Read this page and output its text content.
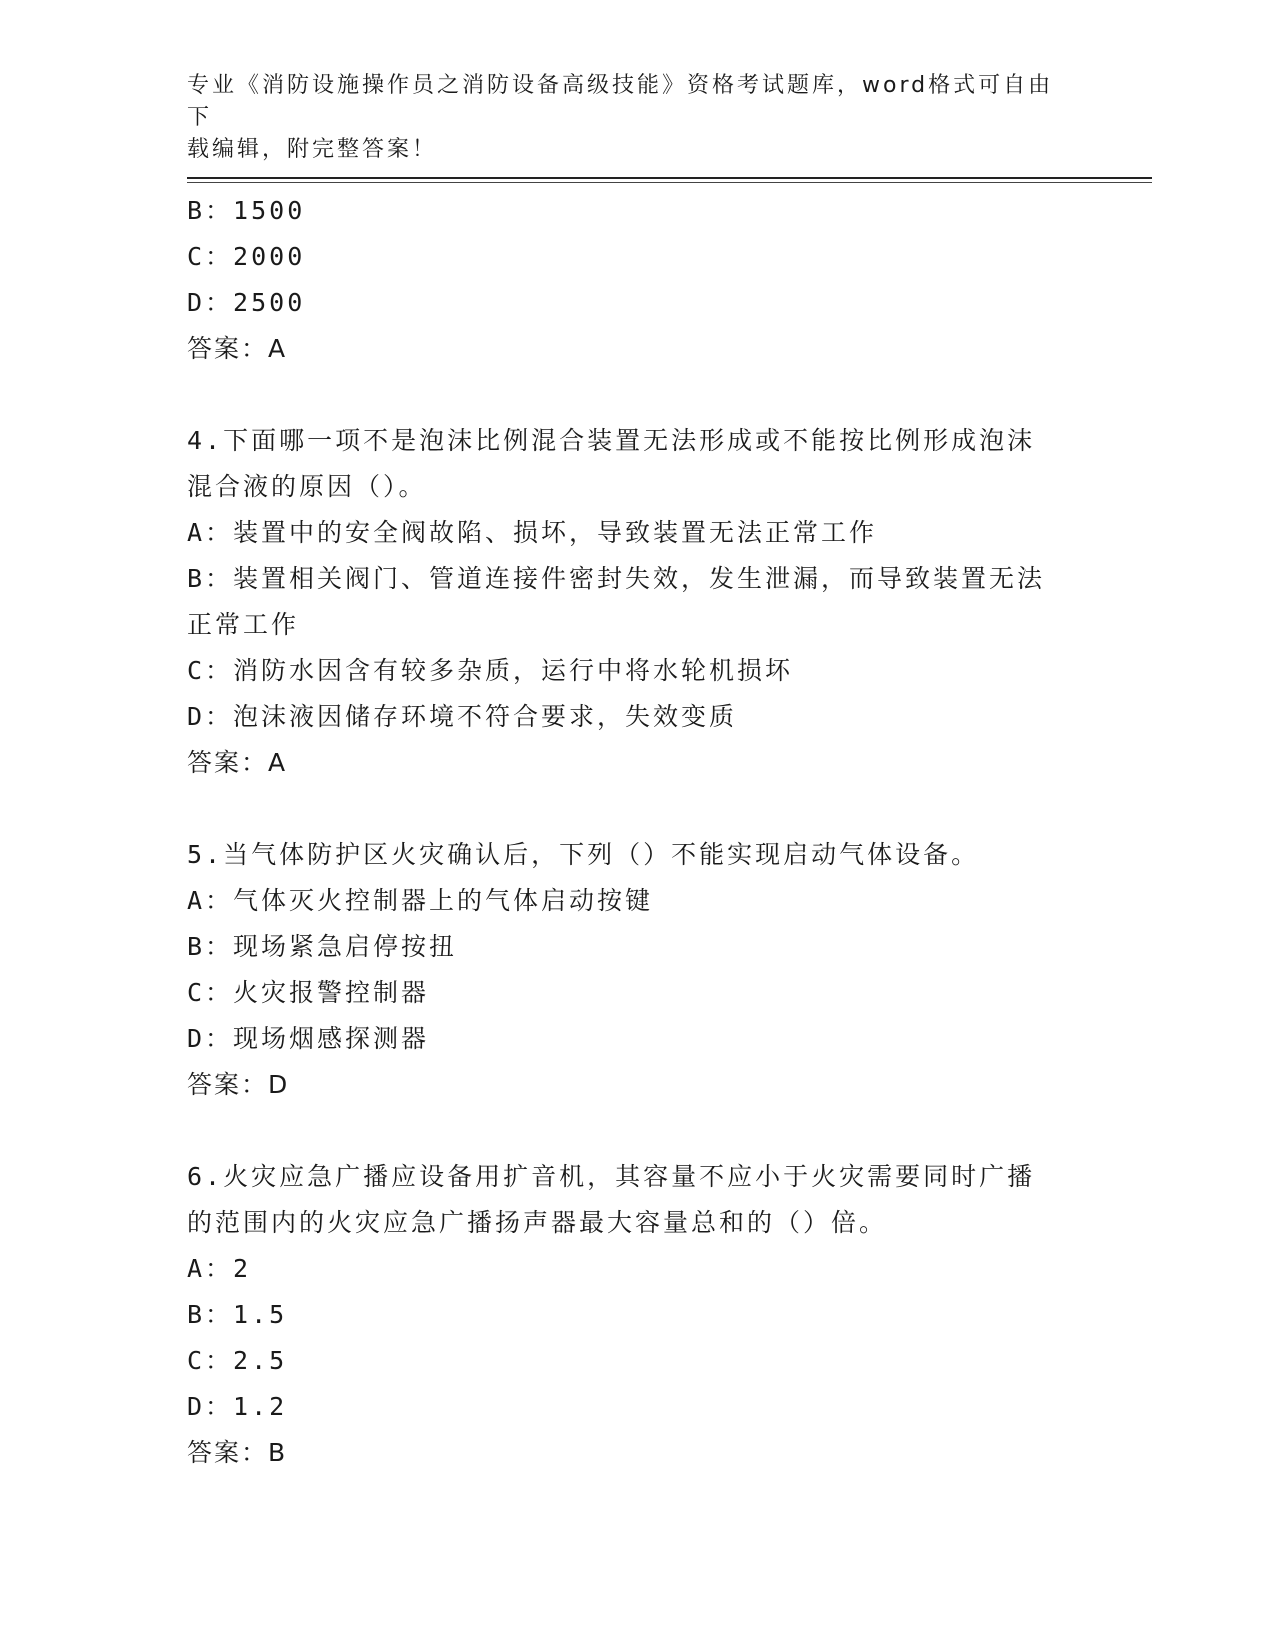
专业《消防设施操作员之消防设备高级技能》资格考试题库，word格式可自由下
载编辑，附完整答案！
B：1500
C：2000
D：2500
答案：A
4.下面哪一项不是泡沫比例混合装置无法形成或不能按比例形成泡沫
混合液的原因（）。
A：装置中的安全阀故陷、损坏，导致装置无法正常工作
B：装置相关阀门、管道连接件密封失效，发生泄漏，而导致装置无法
正常工作
C：消防水因含有较多杂质，运行中将水轮机损坏
D：泡沫液因储存环境不符合要求，失效变质
答案：A
5.当气体防护区火灾确认后，下列（）不能实现启动气体设备。
A：气体灭火控制器上的气体启动按键
B：现场紧急启停按扭
C：火灾报警控制器
D：现场烟感探测器
答案：D
6.火灾应急广播应设备用扩音机，其容量不应小于火灾需要同时广播
的范围内的火灾应急广播扬声器最大容量总和的（）倍。
A：2
B：1.5
C：2.5
D：1.2
答案：B
